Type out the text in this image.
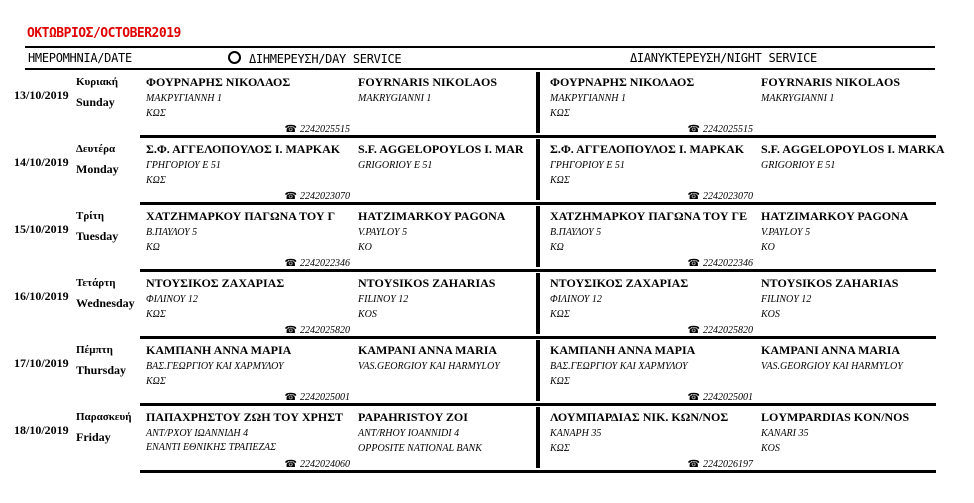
ΟΚΤΩΒΡΙΟΣ/OCTOBER2019
ΗΜΕΡΟΜΗΝΙΑ/DATE	ΔΙΗΜΕΡΕΥΣΗ/DAY SERVICE	ΔΙΑΝΥΚΤΕΡΕΥΣΗ/NIGHT SERVICE
13/10/2019
Κυριακή
Sunday
ΦΟΥΡΝΑΡΗΣ ΝΙΚΟΛΑΟΣ
ΜΑΚΡΥΓΙΑΝΝΗ 1
ΚΩΣ
FOYRNARIS NIKOLAOS
MAKRYGIANNI 1
☎ 2242025515
ΦΟΥΡΝΑΡΗΣ ΝΙΚΟΛΑΟΣ
ΜΑΚΡΥΓΙΑΝΝΗ 1
ΚΩΣ
FOYRNARIS NIKOLAOS
MAKRYGIANNI 1
☎ 2242025515
14/10/2019
Δευτέρα
Monday
Σ.Φ. ΑΓΓΕΛΟΠΟΥΛΟΣ Ι. ΜΑΡΚΑΚ
ΓΡΗΓΟΡΙΟΥ Ε 51
ΚΩΣ
S.F. AGGELOPOYLOS I. MAR
GRIGORIOY E 51
☎ 2242023070
Σ.Φ. ΑΓΓΕΛΟΠΟΥΛΟΣ Ι. ΜΑΡΚΑΚ
ΓΡΗΓΟΡΙΟΥ Ε 51
ΚΩΣ
S.F. AGGELOPOYLOS I. MARKA
GRIGORIOY E 51
☎ 2242023070
15/10/2019
Τρίτη
Tuesday
ΧΑΤΖΗΜΑΡΚΟΥ ΠΑΓΩΝΑ ΤΟΥ Γ
Β.ΠΑΥΛΟΥ 5
ΚΩ
HATZIMARKOY PAGONA
V.PAYLOY 5
KO
☎ 2242022346
ΧΑΤΖΗΜΑΡΚΟΥ ΠΑΓΩΝΑ ΤΟΥ ΓΕ
Β.ΠΑΥΛΟΥ 5
ΚΩ
HATZIMARKOY PAGONA
V.PAYLOY 5
KO
☎ 2242022346
16/10/2019
Τετάρτη
Wednesday
ΝΤΟΥΣΙΚΟΣ ΖΑΧΑΡΙΑΣ
ΦΙΛΙΝΟΥ 12
ΚΩΣ
NTOYSIKOS ZAHARIAS
FILINOY 12
KOS
☎ 2242025820
ΝΤΟΥΣΙΚΟΣ ΖΑΧΑΡΙΑΣ
ΦΙΛΙΝΟΥ 12
ΚΩΣ
NTOYSIKOS ZAHARIAS
FILINOY 12
KOS
☎ 2242025820
17/10/2019
Πέμπτη
Thursday
ΚΑΜΠΑΝΗ ΑΝΝΑ ΜΑΡΙΑ
ΒΑΣ.ΓΕΩΡΓΙΟΥ ΚΑΙ ΧΑΡΜΥΛΟΥ
ΚΩΣ
KAMPANI ANNA MARIA
VAS.GEORGIOY KAI HARMYLOY
☎ 2242025001
ΚΑΜΠΑΝΗ ΑΝΝΑ ΜΑΡΙΑ
ΒΑΣ.ΓΕΩΡΓΙΟΥ ΚΑΙ ΧΑΡΜΥΛΟΥ
ΚΩΣ
KAMPANI ANNA MARIA
VAS.GEORGIOY KAI HARMYLOY
☎ 2242025001
18/10/2019
Παρασκευή
Friday
ΠΑΠΑΧΡΗΣΤΟΥ ΖΩΗ ΤΟΥ ΧΡΗΣΤ
ΑΝΤ/ΡΧΟΥ ΙΩΑΝΝΙΔΗ 4
ΕΝΑΝΤΙ ΕΘΝΙΚΗΣ ΤΡΑΠΕΖΑΣ
PAPAHRISTOY ZOI
ANT/RHOY IOANNIDI 4
OPPOSITE NATIONAL BANK
☎ 2242024060
ΛΟΥΜΠΑΡΔΙΑΣ ΝΙΚ. ΚΩΝ/ΝΟΣ
ΚΑΝΑΡΗ 35
ΚΩΣ
LOYMPARDIAS KON/NOS
KANARI 35
KOS
☎ 2242026197
